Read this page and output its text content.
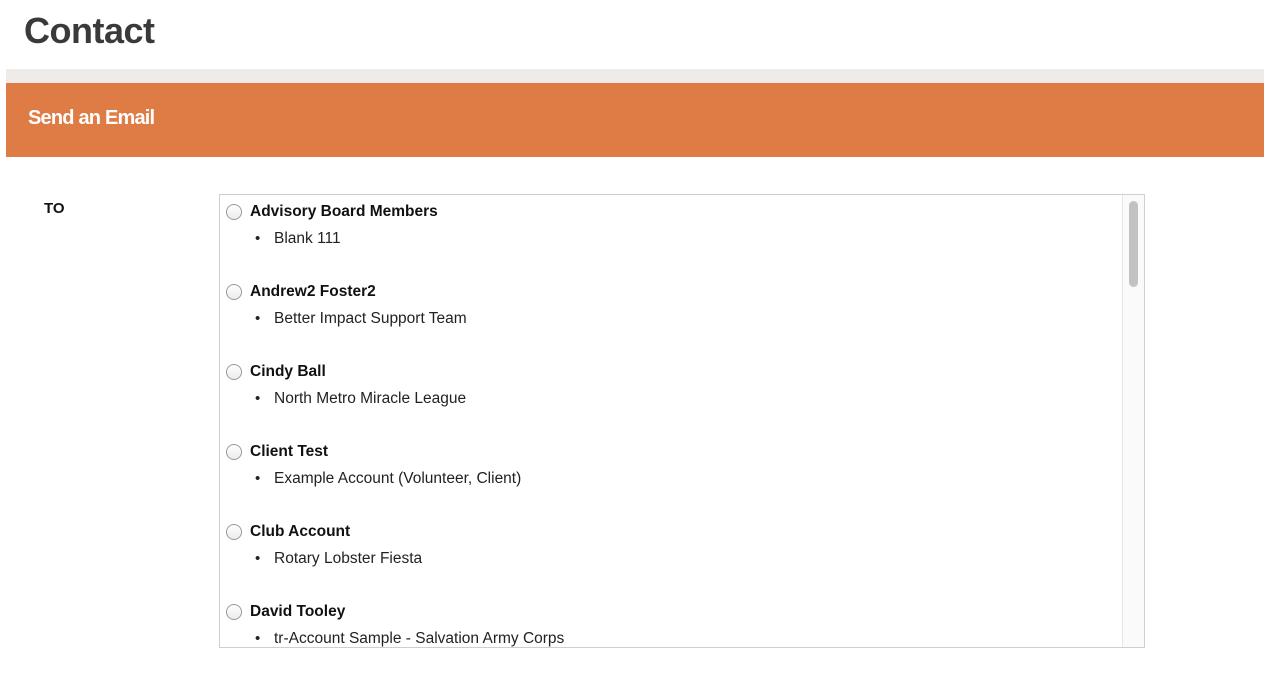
Contact
Send an Email
TO	Advisory Board Members
• Blank 111
Andrew2 Foster2
• Better Impact Support Team
Cindy Ball
• North Metro Miracle League
Client Test
• Example Account (Volunteer, Client)
Club Account
• Rotary Lobster Fiesta
David Tooley
• tr-Account Sample - Salvation Army Corps
